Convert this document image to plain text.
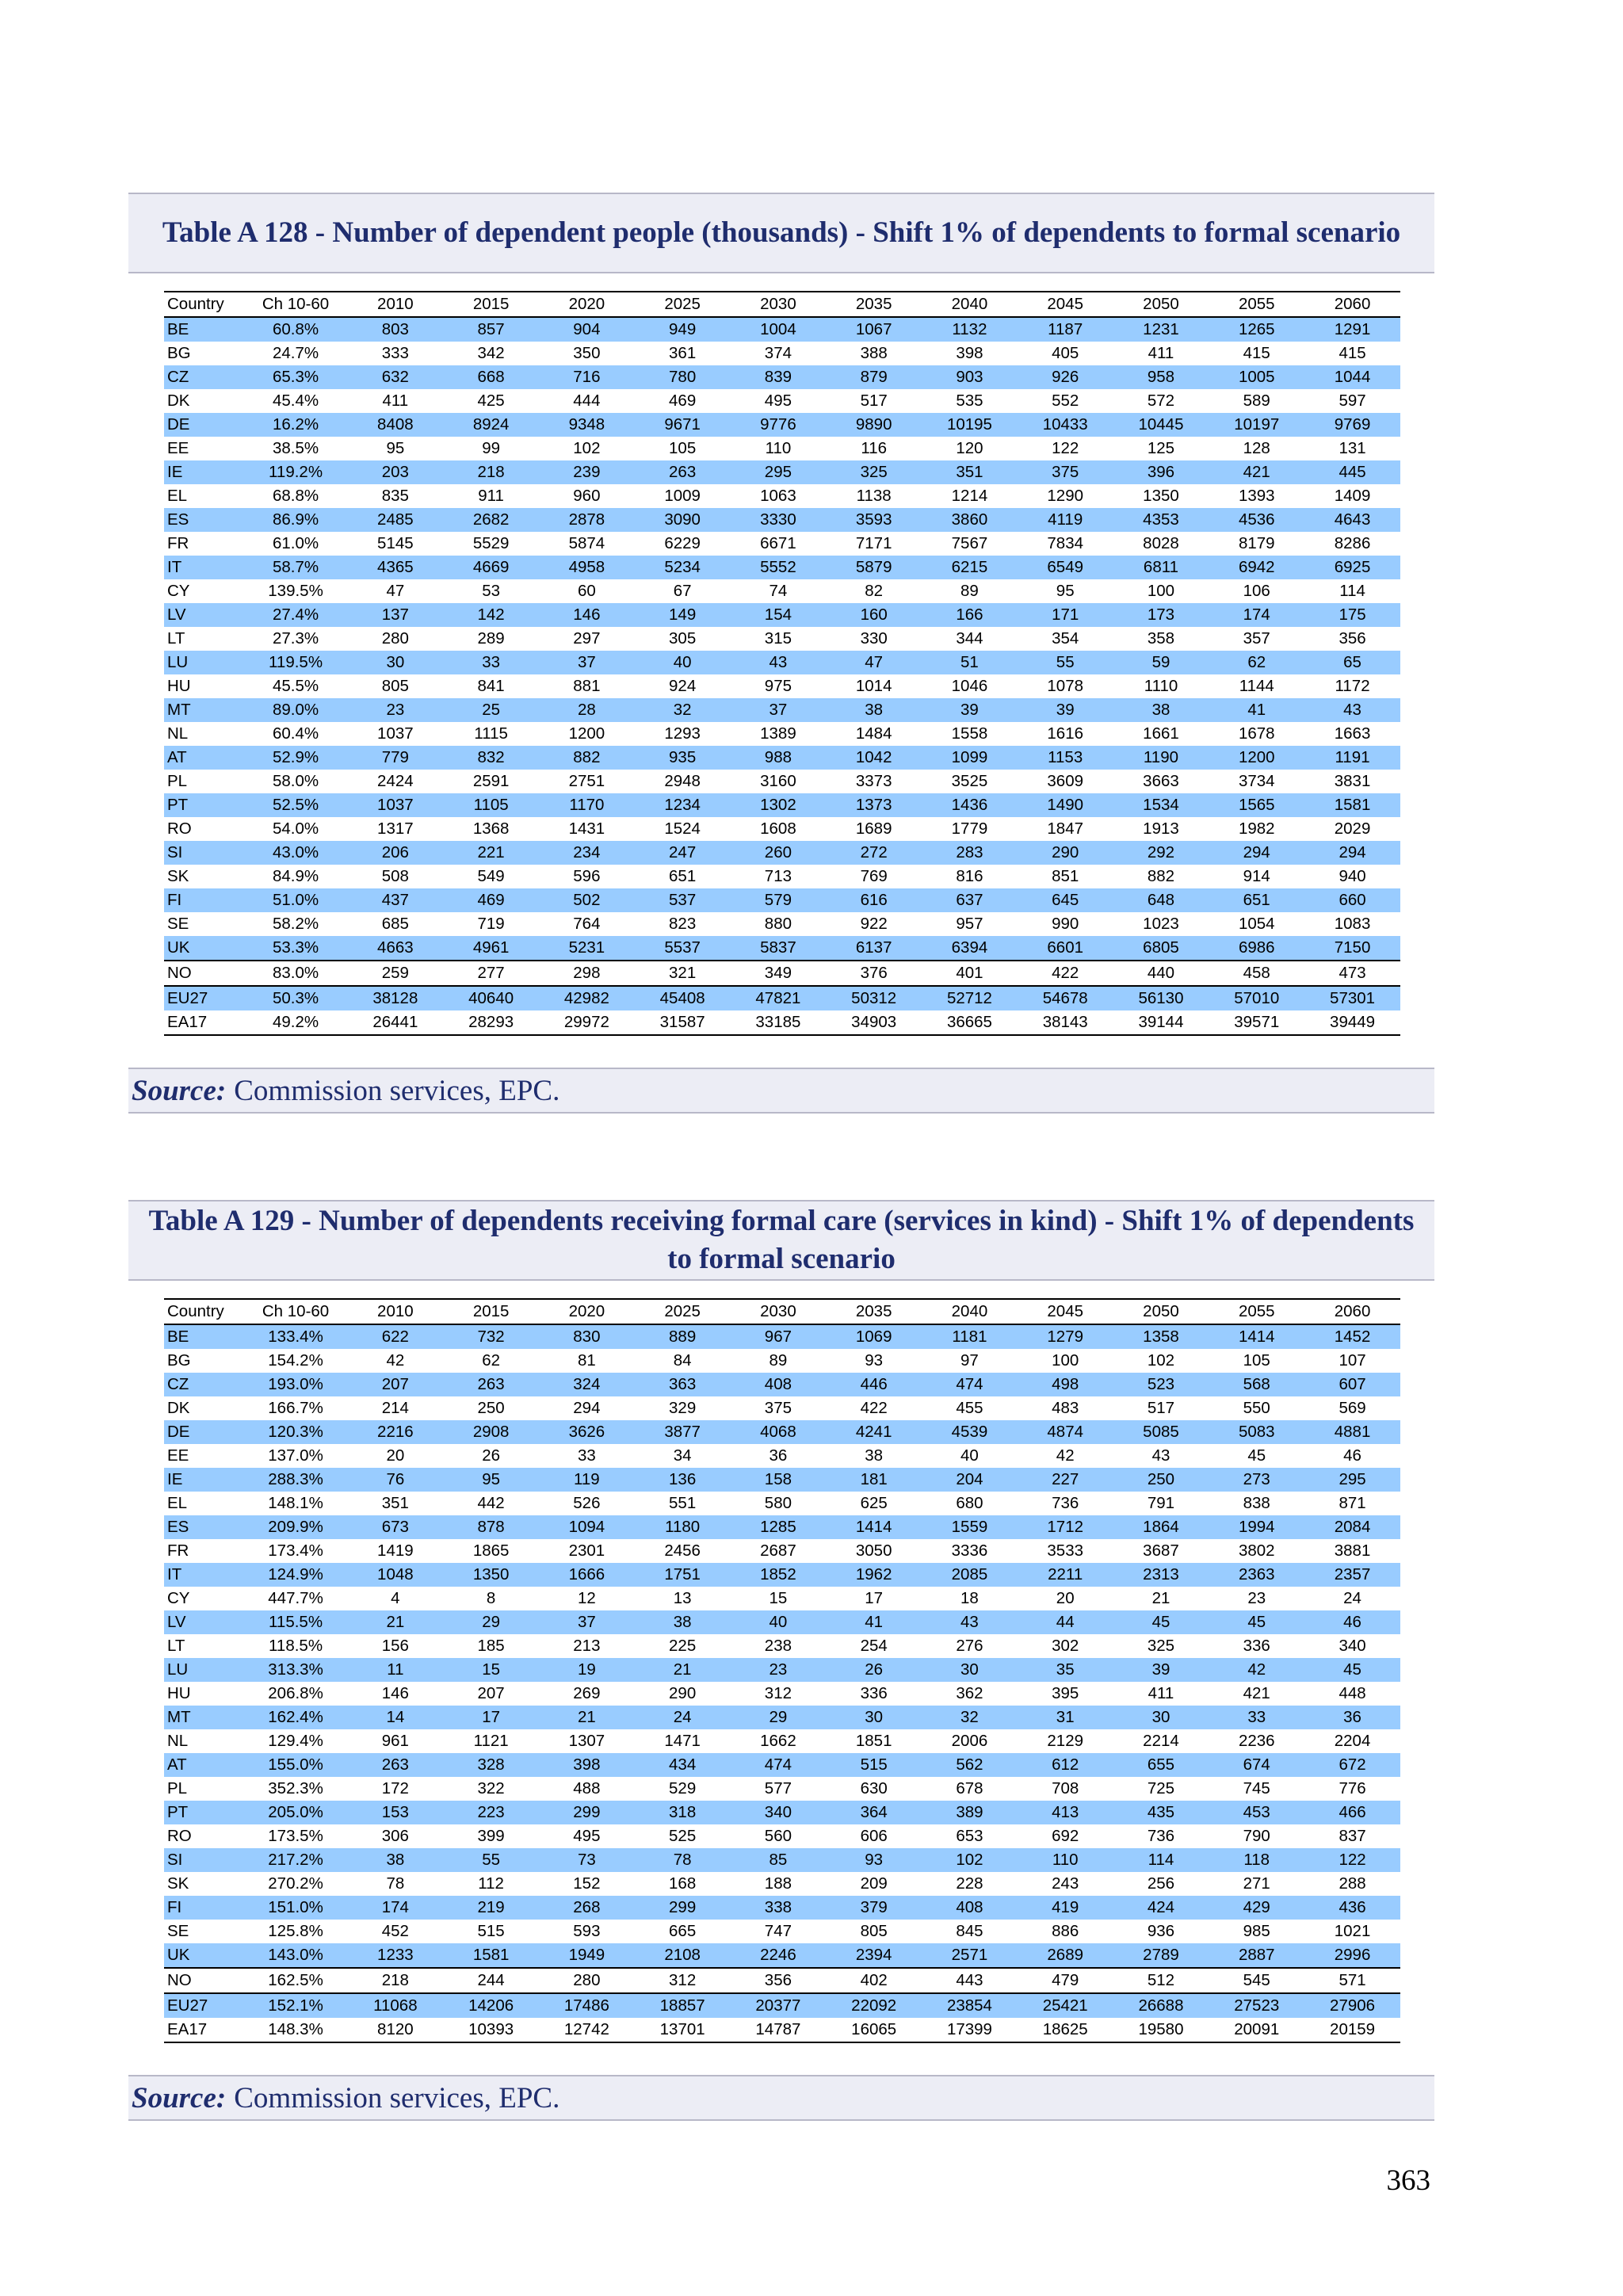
Table A 128 - Number of dependent people (thousands) - Shift 1% of dependents to formal scenario
Country	Ch 10-60	2010	2015	2020	2025	2030	2035	2040	2045	2050	2055	2060
BE	60.8%	803	857	904	949	1004	1067	1132	1187	1231	1265	1291
BG	24.7%	333	342	350	361	374	388	398	405	411	415	415
CZ	65.3%	632	668	716	780	839	879	903	926	958	1005	1044
DK	45.4%	411	425	444	469	495	517	535	552	572	589	597
DE	16.2%	8408	8924	9348	9671	9776	9890	10195	10433	10445	10197	9769
EE	38.5%	95	99	102	105	110	116	120	122	125	128	131
IE	119.2%	203	218	239	263	295	325	351	375	396	421	445
EL	68.8%	835	911	960	1009	1063	1138	1214	1290	1350	1393	1409
ES	86.9%	2485	2682	2878	3090	3330	3593	3860	4119	4353	4536	4643
FR	61.0%	5145	5529	5874	6229	6671	7171	7567	7834	8028	8179	8286
IT	58.7%	4365	4669	4958	5234	5552	5879	6215	6549	6811	6942	6925
CY	139.5%	47	53	60	67	74	82	89	95	100	106	114
LV	27.4%	137	142	146	149	154	160	166	171	173	174	175
LT	27.3%	280	289	297	305	315	330	344	354	358	357	356
LU	119.5%	30	33	37	40	43	47	51	55	59	62	65
HU	45.5%	805	841	881	924	975	1014	1046	1078	1110	1144	1172
MT	89.0%	23	25	28	32	37	38	39	39	38	41	43
NL	60.4%	1037	1115	1200	1293	1389	1484	1558	1616	1661	1678	1663
AT	52.9%	779	832	882	935	988	1042	1099	1153	1190	1200	1191
PL	58.0%	2424	2591	2751	2948	3160	3373	3525	3609	3663	3734	3831
PT	52.5%	1037	1105	1170	1234	1302	1373	1436	1490	1534	1565	1581
RO	54.0%	1317	1368	1431	1524	1608	1689	1779	1847	1913	1982	2029
SI	43.0%	206	221	234	247	260	272	283	290	292	294	294
SK	84.9%	508	549	596	651	713	769	816	851	882	914	940
FI	51.0%	437	469	502	537	579	616	637	645	648	651	660
SE	58.2%	685	719	764	823	880	922	957	990	1023	1054	1083
UK	53.3%	4663	4961	5231	5537	5837	6137	6394	6601	6805	6986	7150
NO	83.0%	259	277	298	321	349	376	401	422	440	458	473
EU27	50.3%	38128	40640	42982	45408	47821	50312	52712	54678	56130	57010	57301
EA17	49.2%	26441	28293	29972	31587	33185	34903	36665	38143	39144	39571	39449
Source: Commission services, EPC.
Table A 129 - Number of dependents receiving formal care (services in kind) - Shift 1% of dependents to formal scenario
Country	Ch 10-60	2010	2015	2020	2025	2030	2035	2040	2045	2050	2055	2060
BE	133.4%	622	732	830	889	967	1069	1181	1279	1358	1414	1452
BG	154.2%	42	62	81	84	89	93	97	100	102	105	107
CZ	193.0%	207	263	324	363	408	446	474	498	523	568	607
DK	166.7%	214	250	294	329	375	422	455	483	517	550	569
DE	120.3%	2216	2908	3626	3877	4068	4241	4539	4874	5085	5083	4881
EE	137.0%	20	26	33	34	36	38	40	42	43	45	46
IE	288.3%	76	95	119	136	158	181	204	227	250	273	295
EL	148.1%	351	442	526	551	580	625	680	736	791	838	871
ES	209.9%	673	878	1094	1180	1285	1414	1559	1712	1864	1994	2084
FR	173.4%	1419	1865	2301	2456	2687	3050	3336	3533	3687	3802	3881
IT	124.9%	1048	1350	1666	1751	1852	1962	2085	2211	2313	2363	2357
CY	447.7%	4	8	12	13	15	17	18	20	21	23	24
LV	115.5%	21	29	37	38	40	41	43	44	45	45	46
LT	118.5%	156	185	213	225	238	254	276	302	325	336	340
LU	313.3%	11	15	19	21	23	26	30	35	39	42	45
HU	206.8%	146	207	269	290	312	336	362	395	411	421	448
MT	162.4%	14	17	21	24	29	30	32	31	30	33	36
NL	129.4%	961	1121	1307	1471	1662	1851	2006	2129	2214	2236	2204
AT	155.0%	263	328	398	434	474	515	562	612	655	674	672
PL	352.3%	172	322	488	529	577	630	678	708	725	745	776
PT	205.0%	153	223	299	318	340	364	389	413	435	453	466
RO	173.5%	306	399	495	525	560	606	653	692	736	790	837
SI	217.2%	38	55	73	78	85	93	102	110	114	118	122
SK	270.2%	78	112	152	168	188	209	228	243	256	271	288
FI	151.0%	174	219	268	299	338	379	408	419	424	429	436
SE	125.8%	452	515	593	665	747	805	845	886	936	985	1021
UK	143.0%	1233	1581	1949	2108	2246	2394	2571	2689	2789	2887	2996
NO	162.5%	218	244	280	312	356	402	443	479	512	545	571
EU27	152.1%	11068	14206	17486	18857	20377	22092	23854	25421	26688	27523	27906
EA17	148.3%	8120	10393	12742	13701	14787	16065	17399	18625	19580	20091	20159
Source: Commission services, EPC.
363
